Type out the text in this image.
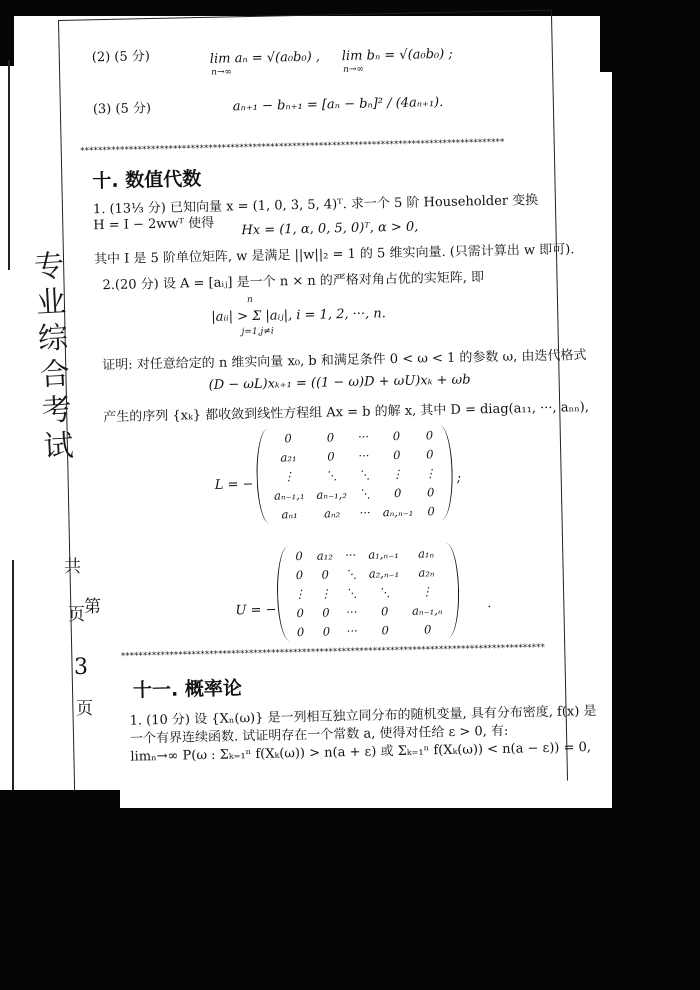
专业综合考试
共
页 第
3
页
(2) (5 分)	lim aₙ = √(a₀b₀) ,
n→∞
lim bₙ = √(a₀b₀) ;
n→∞
(3) (5 分)	aₙ₊₁ − bₙ₊₁ = [aₙ − bₙ]² / (4aₙ₊₁).
************************************************************************************************
十. 数值代数
1. (13⅓ 分) 已知向量 x = (1, 0, 3, 5, 4)ᵀ. 求一个 5 阶 Householder 变换
H = I − 2wwᵀ 使得 Hx = (1, α, 0, 5, 0)ᵀ, α > 0,
其中 I 是 5 阶单位矩阵, w 是满足 ||w||₂ = 1 的 5 维实向量. (只需计算出 w 即可).
2.(20 分) 设 A = [aᵢⱼ] 是一个 n × n 的严格对角占优的实矩阵, 即
|aᵢᵢ| > Σ |aᵢⱼ|, i = 1, 2, ···, n.
n
j=1,j≠i
证明: 对任意给定的 n 维实向量 x₀, b 和满足条件 0 < ω < 1 的参数 ω, 由迭代格式
(D − ωL)xₖ₊₁ = ((1 − ω)D + ωU)xₖ + ωb
产生的序列 {xₖ} 都收敛到线性方程组 Ax = b 的解 x, 其中 D = diag(a₁₁, ···, aₙₙ),
L = −
0	0	···	0	0
a₂₁	0	···	0	0
⋮	⋱	⋱	⋮	⋮
aₙ₋₁,₁	aₙ₋₁,₂	⋱	0	0
aₙ₁	aₙ₂	···	aₙ,ₙ₋₁	0
;
U = −
0	a₁₂	···	a₁,ₙ₋₁	a₁ₙ
0	0	⋱	a₂,ₙ₋₁	a₂ₙ
⋮	⋮	⋱	⋱	⋮
0	0	···	0	aₙ₋₁,ₙ
0	0	···	0	0
.
************************************************************************************************
十一. 概率论
1. (10 分) 设 {Xₙ(ω)} 是一列相互独立同分布的随机变量, 具有分布密度, f(x) 是
一个有界连续函数. 试证明存在一个常数 a, 使得对任给 ε > 0, 有:
limₙ→∞ P(ω : Σₖ₌₁ⁿ f(Xₖ(ω)) > n(a + ε) 或 Σₖ₌₁ⁿ f(Xₖ(ω)) < n(a − ε)) = 0,
